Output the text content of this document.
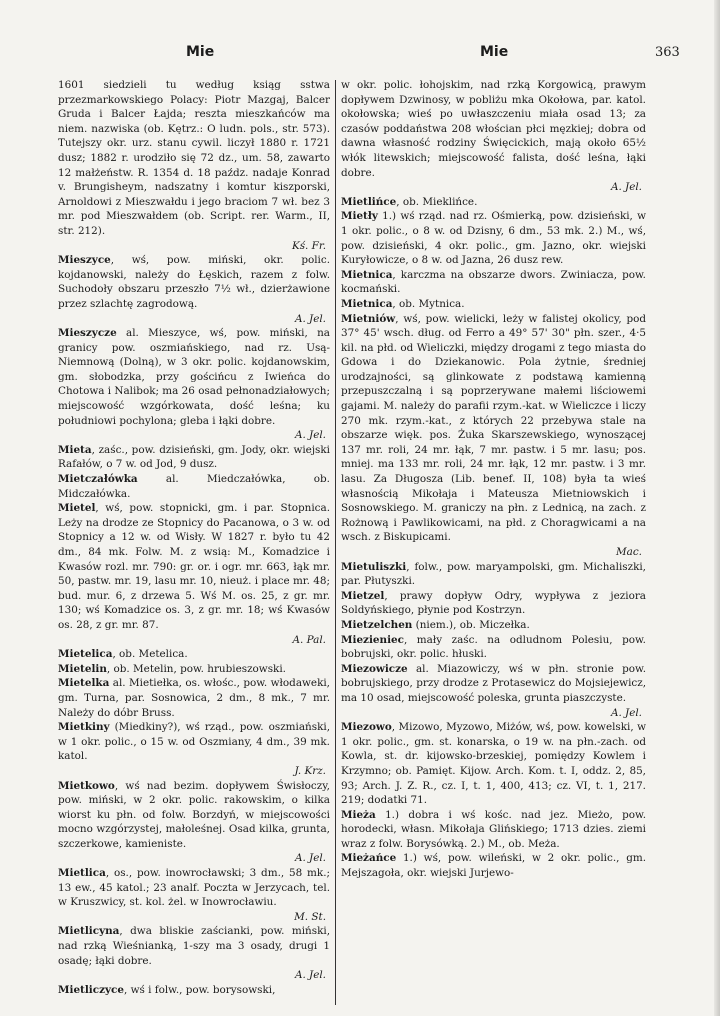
Mie	Mie	363

1601 siedzieli tu według ksiąg sstwa przezmarkowskiego Polacy: Piotr Mazgaj, Balcer Gruda i Balcer Łajda; reszta mieszkańców ma niem. nazwiska (ob. Kętrz.: O ludn. pols., str. 573). Tutejszy okr. urz. stanu cywil. liczył 1880 r. 1721 dusz; 1882 r. urodziło się 72 dz., um. 58, zawarto 12 małżeństw. R. 1354 d. 18 paźdz. nadaje Konrad v. Brungisheym, nadszatny i komtur kiszporski, Arnoldowi z Mieszwałdu i jego braciom 7 wł. bez 3 mr. pod Mieszwałdem (ob. Script. rer. Warm., II, str. 212).
Kś. Fr.

Mieszyce, wś, pow. miński, okr. polic. kojdanowski, należy do Łęskich, razem z folw. Suchodoły obszaru przeszło 7½ wł., dzierżawione przez szlachtę zagrodową.
A. Jel.

Mieszycze al. Mieszyce, wś, pow. miński, na granicy pow. oszmiańskiego, nad rz. Usą-Niemnową (Dolną), w 3 okr. polic. kojdanowskim, gm. słobodzka, przy gościńcu z Iwieńca do Chotowa i Nalibok; ma 26 osad pełnonadziałowych; miejscowość wzgórkowata, dość leśna; ku południowi pochylona; gleba i łąki dobre.
A. Jel.

Mieta, zaśc., pow. dzisieński, gm. Jody, okr. wiejski Rafałów, o 7 w. od Jod, 9 dusz.

Mietczałówka al. Miedczałówka, ob. Midczałówka.

Mietel, wś, pow. stopnicki, gm. i par. Stopnica. Leży na drodze ze Stopnicy do Pacanowa, o 3 w. od Stopnicy a 12 w. od Wisły. W 1827 r. było tu 42 dm., 84 mk. Folw. M. z wsią: M., Komadzice i Kwasów rozl. mr. 790: gr. or. i ogr. mr. 663, łąk mr. 50, pastw. mr. 19, lasu mr. 10, nieuż. i place mr. 48; bud. mur. 6, z drzewa 5. Wś M. os. 25, z gr. mr. 130; wś Komadzice os. 3, z gr. mr. 18; wś Kwasów os. 28, z gr. mr. 87.
A. Pal.

Mietelica, ob. Metelica.

Mietelin, ob. Metelin, pow. hrubieszowski.

Mietelka al. Mietiełka, os. włośc., pow. włodaweki, gm. Turna, par. Sosnowica, 2 dm., 8 mk., 7 mr. Należy do dóbr Bruss.

Mietkiny (Miedkiny?), wś rząd., pow. oszmiański, w 1 okr. polic., o 15 w. od Oszmiany, 4 dm., 39 mk. katol.
J. Krz.

Mietkowo, wś nad bezim. dopływem Świsłoczy, pow. miński, w 2 okr. polic. rakowskim, o kilka wiorst ku płn. od folw. Borzdyń, w miejscowości mocno wzgórzystej, małoleśnej. Osad kilka, grunta, szczerkowe, kamieniste.
A. Jel.

Mietlica, os., pow. inowrocławski; 3 dm., 58 mk.; 13 ew., 45 katol.; 23 analf. Poczta w Jerzycach, tel. w Kruszwicy, st. kol. żel. w Inowrocławiu.
M. St.

Mietlicyna, dwa bliskie zaścianki, pow. miński, nad rzką Wieśnianką, 1-szy ma 3 osady, drugi 1 osadę; łąki dobre.
A. Jel.

Mietliczyce, wś i folw., pow. borysowski,

w okr. polic. łohojskim, nad rzką Korgowicą, prawym dopływem Dzwinosy, w pobliżu mka Okołowa, par. katol. okołowska; wieś po uwłaszczeniu miała osad 13; za czasów poddaństwa 208 włościan płci męzkiej; dobra od dawna własność rodziny Święcickich, mają około 65½ włók litewskich; miejscowość falista, dość leśna, łąki dobre.
A. Jel.

Mietlińce, ob. Mieklińce.

Mietły 1.) wś rząd. nad rz. Ośmierką, pow. dzisieński, w 1 okr. polic., o 8 w. od Dzisny, 6 dm., 53 mk. 2.) M., wś, pow. dzisieński, 4 okr. polic., gm. Jazno, okr. wiejski Kuryłowicze, o 8 w. od Jazna, 26 dusz rew.

Mietnica, karczma na obszarze dwors. Zwiniacza, pow. kocmański.

Mietnica, ob. Mytnica.

Mietniów, wś, pow. wielicki, leży w falistej okolicy, pod 37° 45' wsch. dług. od Ferro a 49° 57' 30" płn. szer., 4·5 kil. na płd. od Wieliczki, między drogami z tego miasta do Gdowa i do Dziekanowic. Pola żytnie, średniej urodzajności, są glinkowate z podstawą kamienną przepuszczalną i są poprzerywane małemi liściowemi gajami. M. należy do parafii rzym.-kat. w Wieliczce i liczy 270 mk. rzym.-kat., z których 22 przebywa stale na obszarze więk. pos. Żuka Skarszewskiego, wynoszącej 137 mr. roli, 24 mr. łąk, 7 mr. pastw. i 5 mr. lasu; pos. mniej. ma 133 mr. roli, 24 mr. łąk, 12 mr. pastw. i 3 mr. lasu. Za Długosza (Lib. benef. II, 108) była ta wieś własnością Mikołaja i Mateusza Mietniowskich i Sosnowskiego. M. graniczy na płn. z Lednicą, na zach. z Rożnową i Pawlikowicami, na płd. z Choragwicami a na wsch. z Biskupicami.
Mac.

Mietuliszki, folw., pow. maryampolski, gm. Michaliszki, par. Płutyszki.

Mietzel, prawy dopływ Odry, wypływa z jeziora Soldyńskiego, płynie pod Kostrzyn.

Mietzelchen (niem.), ob. Miczełka.

Miezieniec, mały zaśc. na odludnom Polesiu, pow. bobrujski, okr. polic. hłuski.

Miezowicze al. Miazowiczy, wś w płn. stronie pow. bobrujskiego, przy drodze z Protasewicz do Mojsiejewicz, ma 10 osad, miejscowość poleska, grunta piaszczyste.
A. Jel.

Miezowo, Mizowo, Myzowo, Miżów, wś, pow. kowelski, w 1 okr. polic., gm. st. konarska, o 19 w. na płn.-zach. od Kowla, st. dr. kijowsko-brzeskiej, pomiędzy Kowlem i Krzymno; ob. Pamięt. Kijow. Arch. Kom. t. I, oddz. 2, 85, 93; Arch. J. Z. R., cz. I, t. 1, 400, 413; cz. VI, t. 1, 217. 219; dodatki 71.

Mieża 1.) dobra i wś kośc. nad jez. Mieżo, pow. horodecki, własn. Mikołaja Glińskiego; 1713 dzies. ziemi wraz z folw. Borysówką. 2.) M., ob. Meża.

Mieżańce 1.) wś, pow. wileński, w 2 okr. polic., gm. Mejszagoła, okr. wiejski Jurjewo-
